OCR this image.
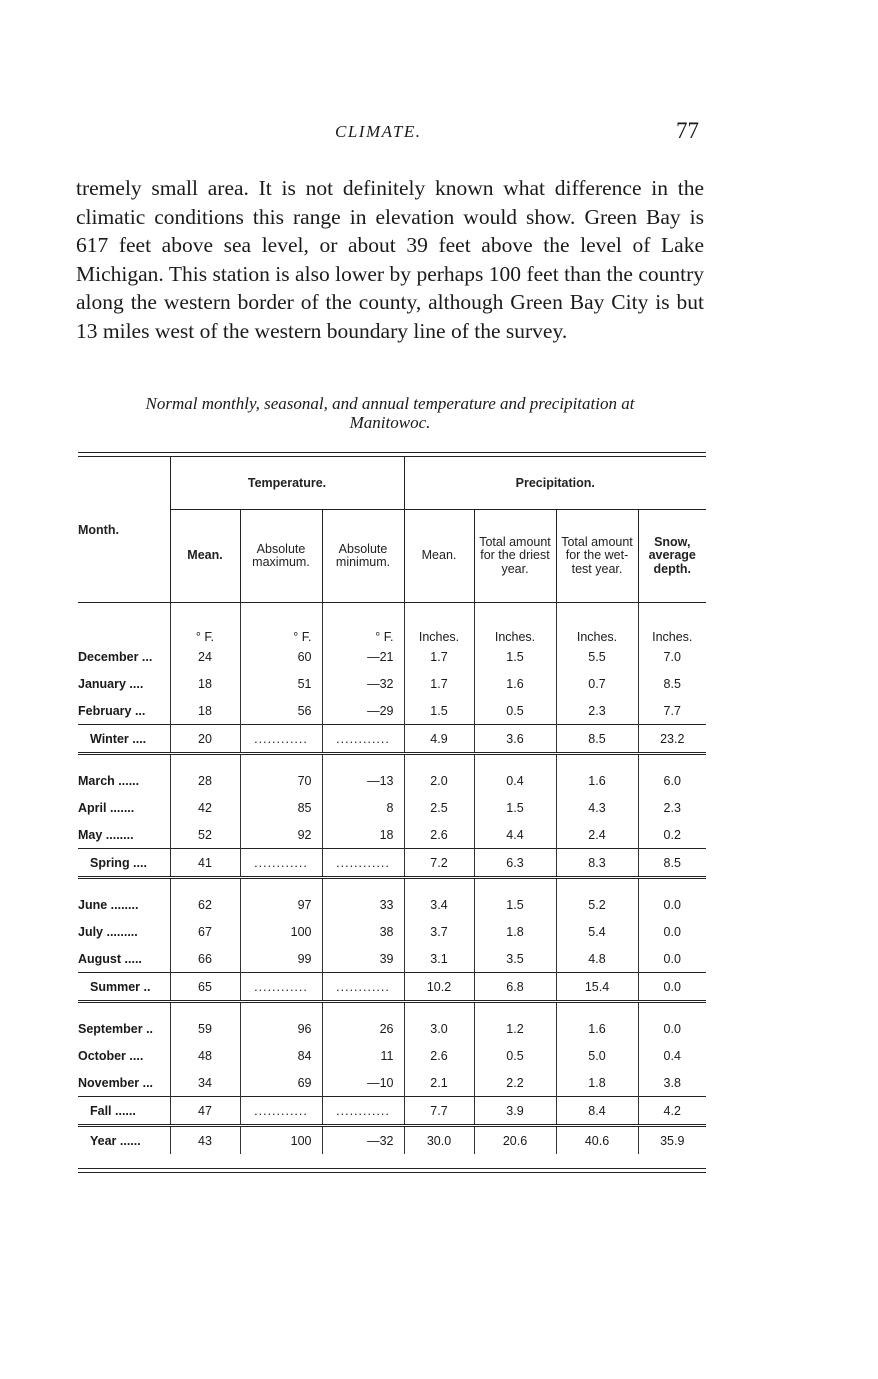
CLIMATE.	77

tremely small area. It is not definitely known what difference in the climatic conditions this range in elevation would show. Green Bay is 617 feet above sea level, or about 39 feet above the level of Lake Michigan. This station is also lower by perhaps 100 feet than the country along the western border of the county, although Green Bay City is but 13 miles west of the western boundary line of the survey.

Normal monthly, seasonal, and annual temperature and precipitation at
Manitowoc.
Month.	Temperature.			Precipitation.			
	Mean.	Absolute maximum.	Absolute minimum.	Mean.	Total amount for the driest year.	Total amount for the wet-test year.	Snow, average depth.
	° F.	° F.	° F.	Inches.	Inches.	Inches.	Inches.
December ...	24	60	—21	1.7	1.5	5.5	7.0
January ....	18	51	—32	1.7	1.6	0.7	8.5
February ...	18	56	—29	1.5	0.5	2.3	7.7
Winter ....	20	............	............	4.9	3.6	8.5	23.2
March ......	28	70	—13	2.0	0.4	1.6	6.0
April .......	42	85	8	2.5	1.5	4.3	2.3
May ........	52	92	18	2.6	4.4	2.4	0.2
Spring ....	41	............	............	7.2	6.3	8.3	8.5
June ........	62	97	33	3.4	1.5	5.2	0.0
July .........	67	100	38	3.7	1.8	5.4	0.0
August .....	66	99	39	3.1	3.5	4.8	0.0
Summer ..	65	............	............	10.2	6.8	15.4	0.0
September ..	59	96	26	3.0	1.2	1.6	0.0
October ....	48	84	11	2.6	0.5	5.0	0.4
November ...	34	69	—10	2.1	2.2	1.8	3.8
Fall ......	47	............	............	7.7	3.9	8.4	4.2
Year ......	43	100	—32	30.0	20.6	40.6	35.9
